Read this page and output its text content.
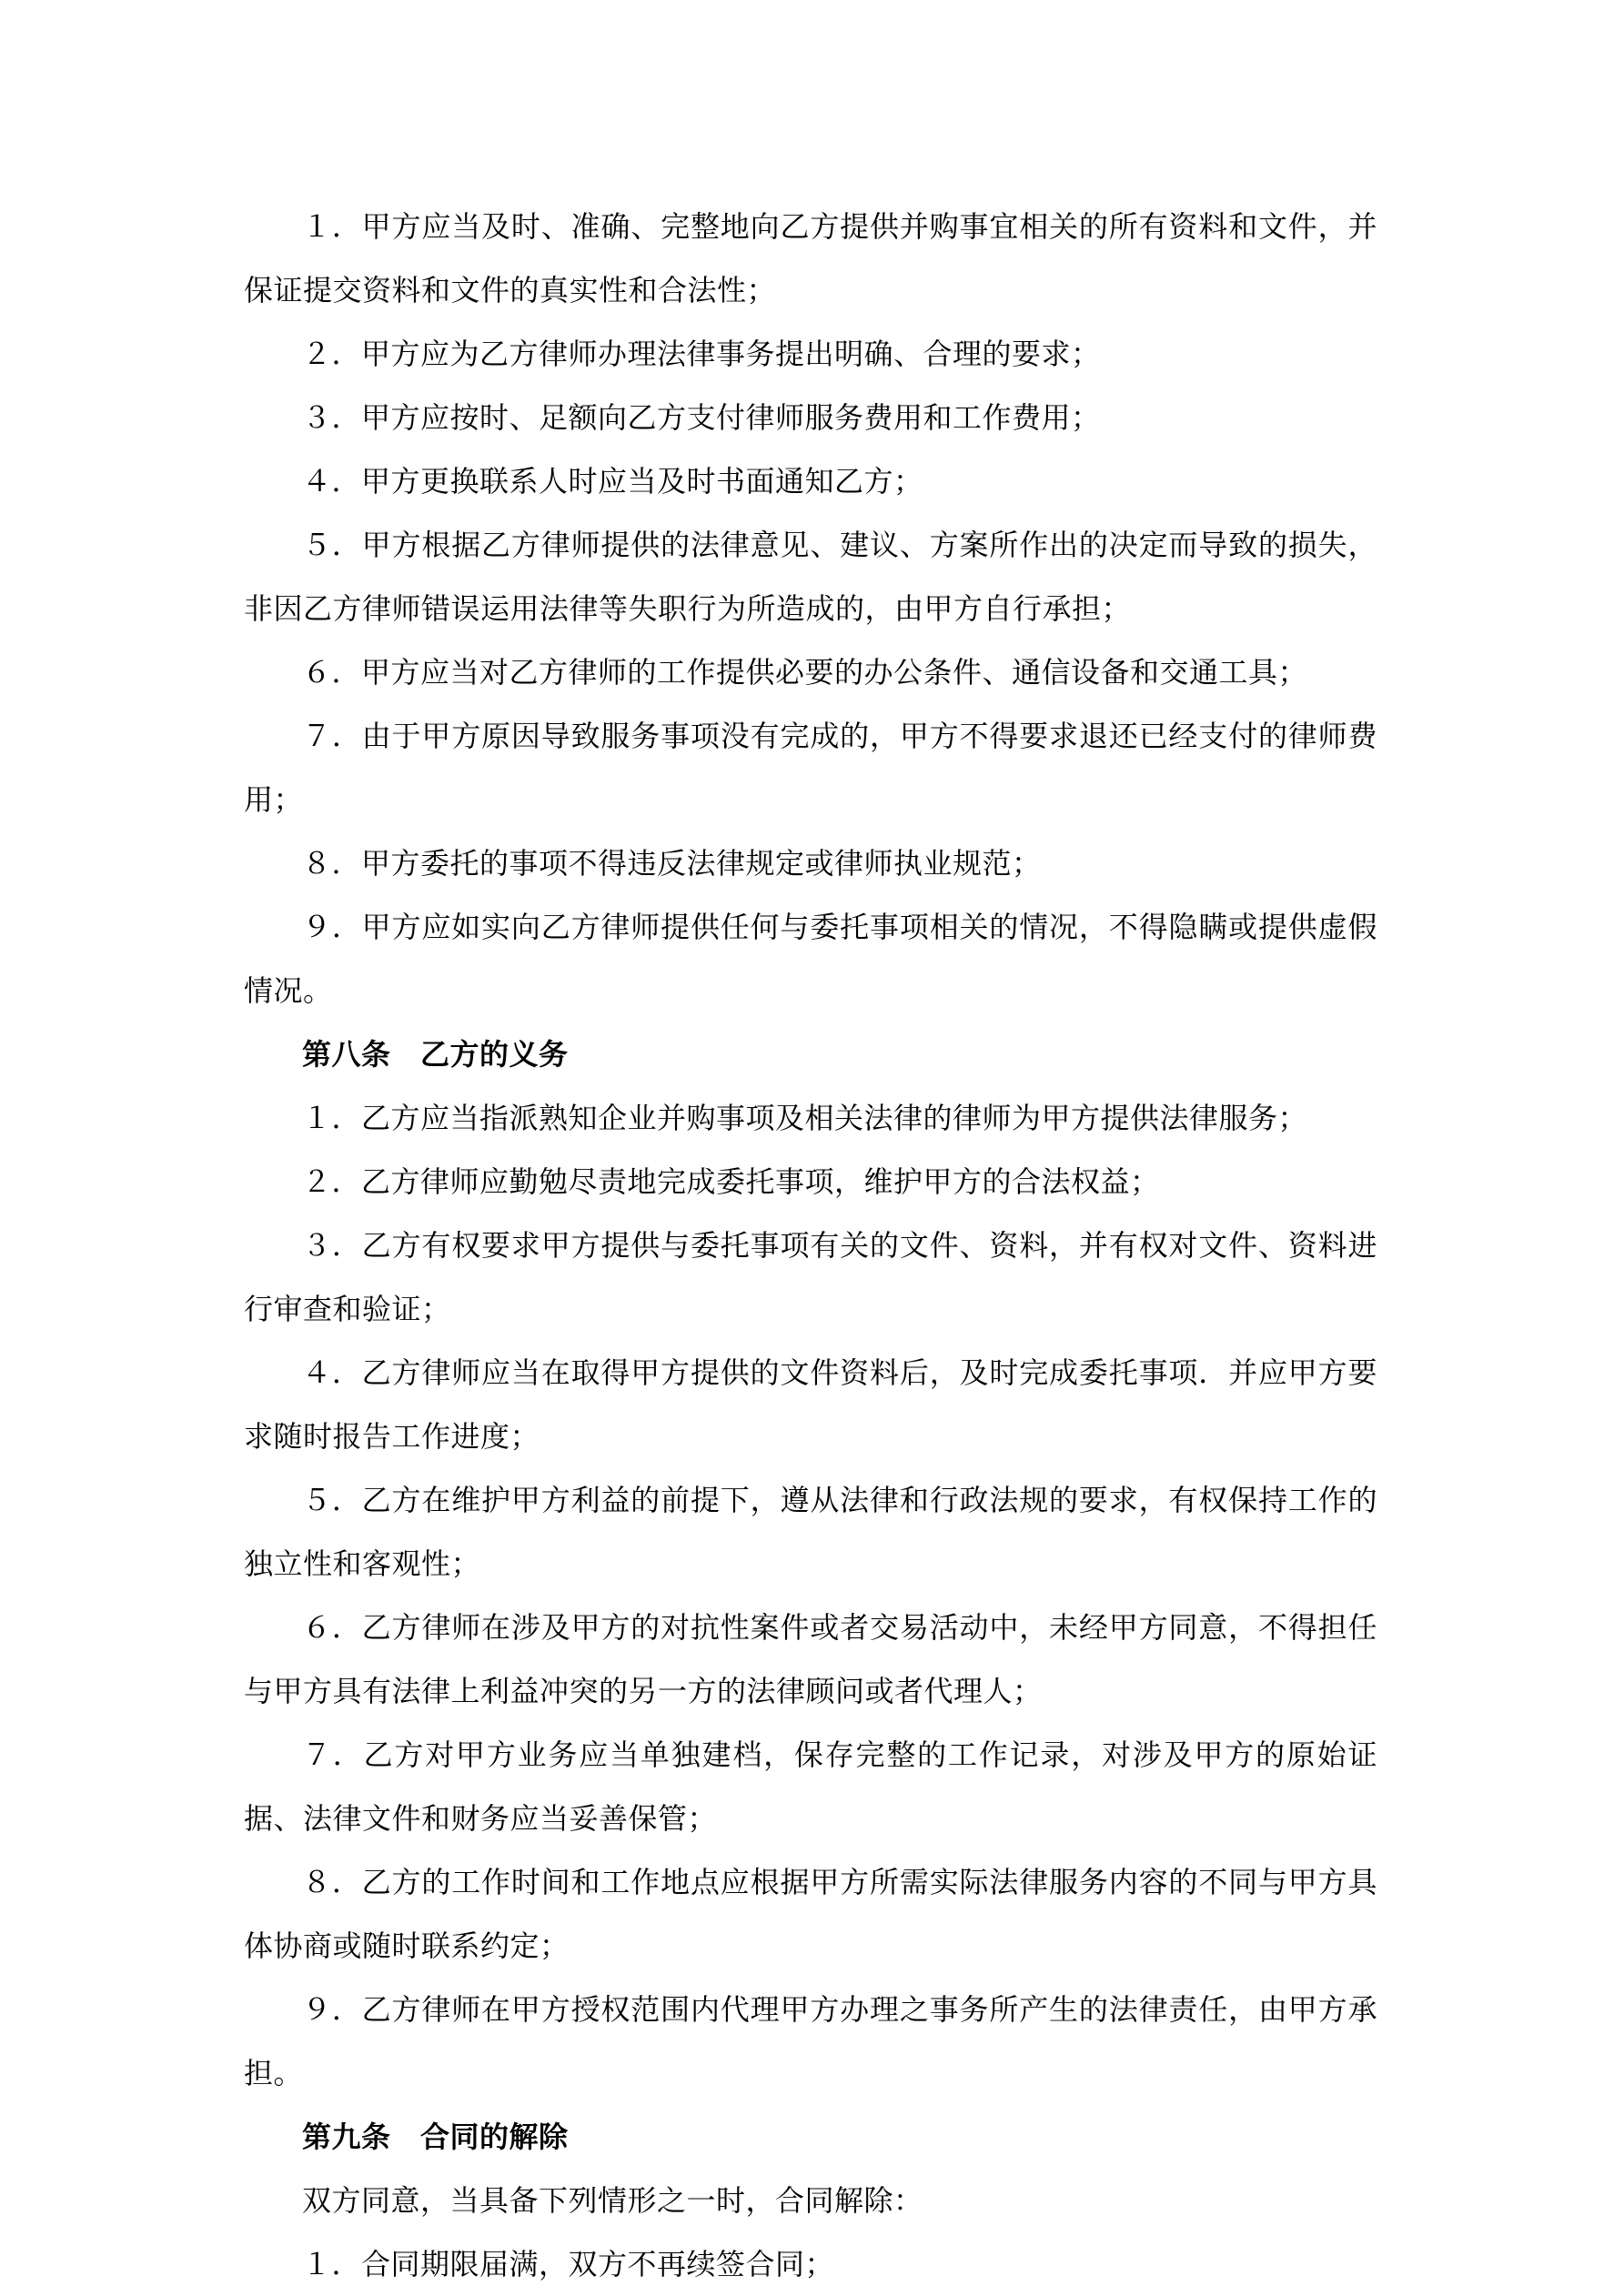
１．甲方应当及时、准确、完整地向乙方提供并购事宜相关的所有资料和文件，并保证提交资料和文件的真实性和合法性；

２．甲方应为乙方律师办理法律事务提出明确、合理的要求；

３．甲方应按时、足额向乙方支付律师服务费用和工作费用；

４．甲方更换联系人时应当及时书面通知乙方；

５．甲方根据乙方律师提供的法律意见、建议、方案所作出的决定而导致的损失，非因乙方律师错误运用法律等失职行为所造成的，由甲方自行承担；

６．甲方应当对乙方律师的工作提供必要的办公条件、通信设备和交通工具；

７．由于甲方原因导致服务事项没有完成的，甲方不得要求退还已经支付的律师费用；

８．甲方委托的事项不得违反法律规定或律师执业规范；

９．甲方应如实向乙方律师提供任何与委托事项相关的情况，不得隐瞒或提供虚假情况。

第八条　乙方的义务

１．乙方应当指派熟知企业并购事项及相关法律的律师为甲方提供法律服务；

２．乙方律师应勤勉尽责地完成委托事项，维护甲方的合法权益；

３．乙方有权要求甲方提供与委托事项有关的文件、资料，并有权对文件、资料进行审查和验证；

４．乙方律师应当在取得甲方提供的文件资料后，及时完成委托事项．并应甲方要求随时报告工作进度；

５．乙方在维护甲方利益的前提下，遵从法律和行政法规的要求，有权保持工作的独立性和客观性；

６．乙方律师在涉及甲方的对抗性案件或者交易活动中，未经甲方同意，不得担任与甲方具有法律上利益冲突的另一方的法律顾问或者代理人；

７．乙方对甲方业务应当单独建档，保存完整的工作记录，对涉及甲方的原始证据、法律文件和财务应当妥善保管；

８．乙方的工作时间和工作地点应根据甲方所需实际法律服务内容的不同与甲方具体协商或随时联系约定；

９．乙方律师在甲方授权范围内代理甲方办理之事务所产生的法律责任，由甲方承担。

第九条　合同的解除

双方同意，当具备下列情形之一时，合同解除：

１．合同期限届满，双方不再续签合同；
